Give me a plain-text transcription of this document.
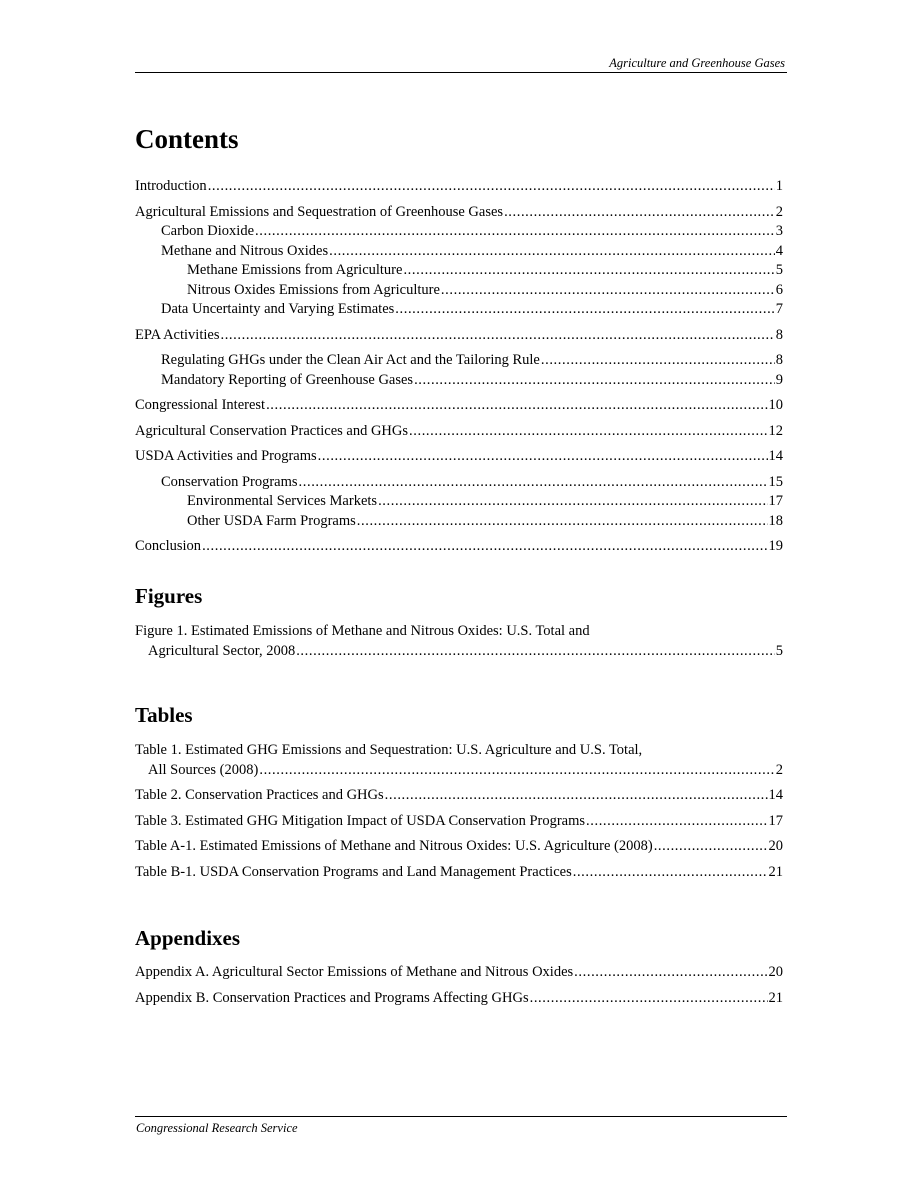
Agriculture and Greenhouse Gases
Contents
Introduction .....	1
Agricultural Emissions and Sequestration of Greenhouse Gases .....	2
Carbon Dioxide .....	3
Methane and Nitrous Oxides .....	4
Methane Emissions from Agriculture .....	5
Nitrous Oxides Emissions from Agriculture .....	6
Data Uncertainty and Varying Estimates .....	7
EPA Activities .....	8
Regulating GHGs under the Clean Air Act and the Tailoring Rule .....	8
Mandatory Reporting of Greenhouse Gases .....	9
Congressional Interest .....	10
Agricultural Conservation Practices and GHGs .....	12
USDA Activities and Programs .....	14
Conservation Programs .....	15
Environmental Services Markets .....	17
Other USDA Farm Programs .....	18
Conclusion .....	19
Figures
Figure 1. Estimated Emissions of Methane and Nitrous Oxides: U.S. Total and
Agricultural Sector, 2008 .....	5
Tables
Table 1. Estimated GHG Emissions and Sequestration: U.S. Agriculture and U.S. Total,
All Sources (2008) .....	2
Table 2. Conservation Practices and GHGs .....	14
Table 3. Estimated GHG Mitigation Impact of USDA Conservation Programs .....	17
Table A-1. Estimated Emissions of Methane and Nitrous Oxides: U.S. Agriculture (2008) .....	20
Table B-1. USDA Conservation Programs and Land Management Practices .....	21
Appendixes
Appendix A. Agricultural Sector Emissions of Methane and Nitrous Oxides .....	20
Appendix B. Conservation Practices and Programs Affecting GHGs .....	21
Congressional Research Service
